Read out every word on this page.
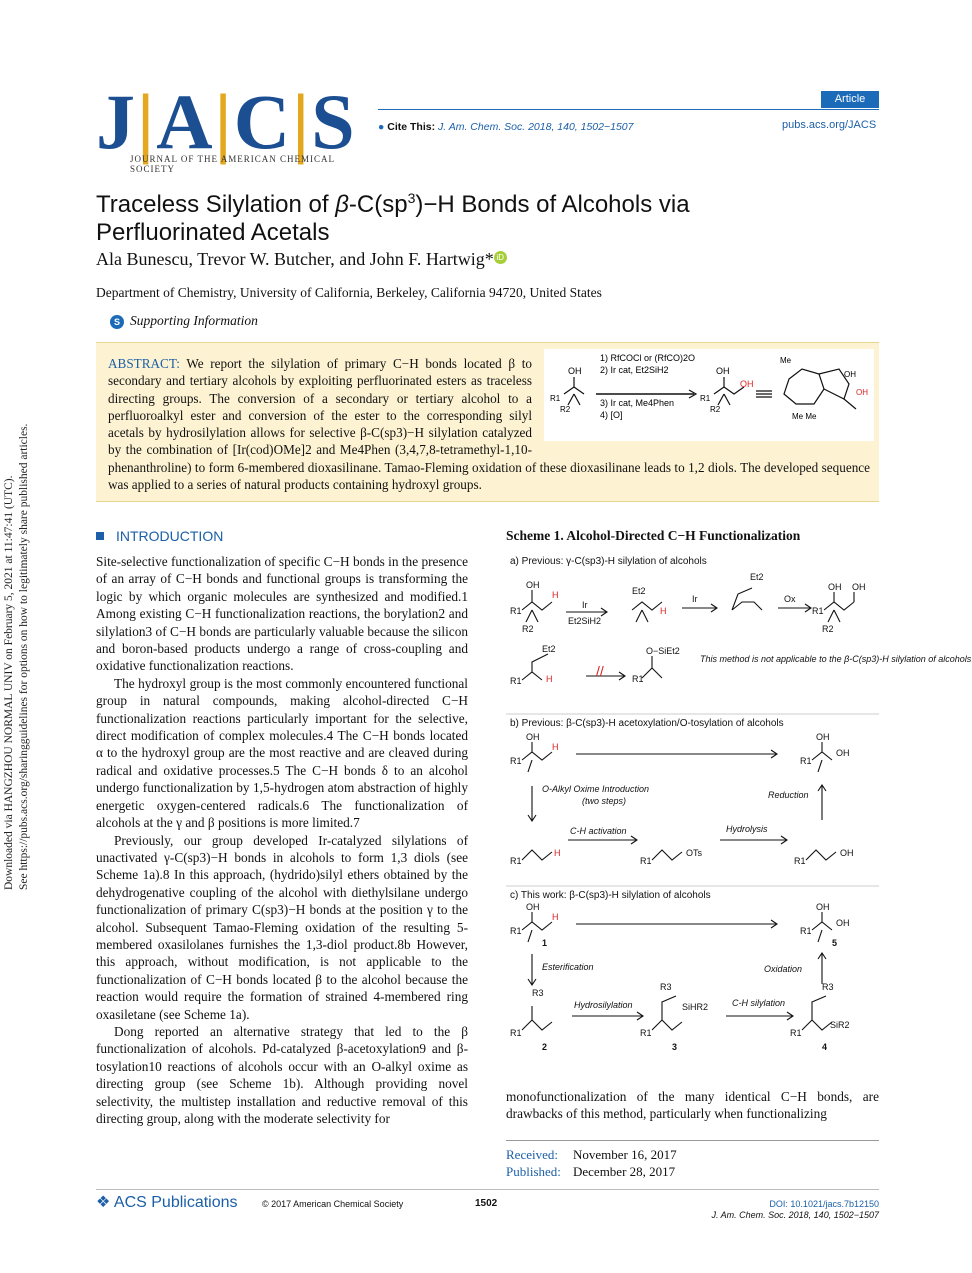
Downloaded via HANGZHOU NORMAL UNIV on February 5, 2021 at 11:47:41 (UTC). See https://pubs.acs.org/sharingguidelines for options on how to legitimately share published articles.
J|A|C|S
JOURNAL OF THE AMERICAN CHEMICAL SOCIETY
Article
● Cite This: J. Am. Chem. Soc. 2018, 140, 1502−1507	pubs.acs.org/JACS
Traceless Silylation of $\beta-C(sp^3)-H$ Bonds of Alcohols via
Perfluorinated Acetals
Ala Bunescu, Trevor W. Butcher, and John F. Hartwig* iD
Department of Chemistry, University of California, Berkeley, California 94720, United States
S Supporting Information
OH
R1
R2
1) RfCOCl or (RfCO)2O
2) Ir cat, Et2SiH2
3) Ir cat, Me4Phen
4) [O]
OH
OH
R1
R2
Me
OH
OH
Me Me
ABSTRACT: We report the silylation of primary C−H bonds located β to secondary and tertiary alcohols by exploiting perfluorinated esters as traceless directing groups. The conversion of a secondary or tertiary alcohol to a perfluoroalkyl ester and conversion of the ester to the corresponding silyl acetals by hydrosilylation allows for selective β-C(sp3)−H silylation catalyzed by the combination of [Ir(cod)OMe]2 and Me4Phen (3,4,7,8-tetramethyl-1,10-phenanthroline) to form 6-membered dioxasilinane. Tamao-Fleming oxidation of these dioxasilinane leads to 1,2 diols. The developed sequence was applied to a series of natural products containing hydroxyl groups.
INTRODUCTION

Site-selective functionalization of specific C−H bonds in the presence of an array of C−H bonds and functional groups is transforming the logic by which organic molecules are synthesized and modified.1 Among existing C−H functionalization reactions, the borylation2 and silylation3 of C−H bonds are particularly valuable because the silicon and boron-based products undergo a range of cross-coupling and oxidative functionalization reactions.

The hydroxyl group is the most commonly encountered functional group in natural compounds, making alcohol-directed C−H functionalization reactions particularly important for the selective, direct modification of complex molecules.4 The C−H bonds located α to the hydroxyl group are the most reactive and are cleaved during radical and oxidative processes.5 The C−H bonds δ to an alcohol undergo functionalization by 1,5-hydrogen atom abstraction of highly energetic oxygen-centered radicals.6 The functionalization of alcohols at the γ and β positions is more limited.7

Previously, our group developed Ir-catalyzed silylations of unactivated γ-C(sp3)−H bonds in alcohols to form 1,3 diols (see Scheme 1a).8 In this approach, (hydrido)silyl ethers obtained by the dehydrogenative coupling of the alcohol with diethylsilane undergo functionalization of primary C(sp3)−H bonds at the position γ to the alcohol. Subsequent Tamao-Fleming oxidation of the resulting 5-membered oxasilolanes furnishes the 1,3-diol product.8b However, this approach, without modification, is not applicable to the functionalization of C−H bonds located β to the alcohol because the reaction would require the formation of strained 4-membered ring oxasiletane (see Scheme 1a).

Dong reported an alternative strategy that led to the β functionalization of alcohols. Pd-catalyzed β-acetoxylation9 and β-tosylation10 reactions of alcohols occur with an O-alkyl oxime as directing group (see Scheme 1b). Although providing novel selectivity, the multistep installation and reductive removal of this directing group, along with the moderate selectivity for

Scheme 1. Alcohol-Directed C−H Functionalization
a) Previous: γ-C(sp3)-H silylation of alcohols
b) Previous: β-C(sp3)-H acetoxylation/O-tosylation of alcohols
c) This work: β-C(sp3)-H silylation of alcohols
OH
H
R1
R2
Ir
Et2SiH2
Et2
H
Ir
Et2
Ox
OH OH
R1
R2
Et2
H
R1
//
O−SiEt2
R1
This method is not applicable to the β-C(sp3)-H silylation of alcohols
OH
H
R1
OH
OH
R1
O-Alkyl Oxime Introduction
(two steps)
Reduction
C-H activation	Hydrolysis
H	OTs	OH
R1	R1	R1
OH
H
R1
OH
OH
R1
Esterification	Oxidation
Hydrosilylation	C-H silylation
R3
R3
SiHR2
R3
SiR2
R1	R1	R1
2	3	4
1	5
monofunctionalization of the many identical C−H bonds, are drawbacks of this method, particularly when functionalizing
Received: November 16, 2017
Published: December 28, 2017
❖ ACS Publications	© 2017 American Chemical Society	1502	DOI: 10.1021/jacs.7b12150
J. Am. Chem. Soc. 2018, 140, 1502−1507
